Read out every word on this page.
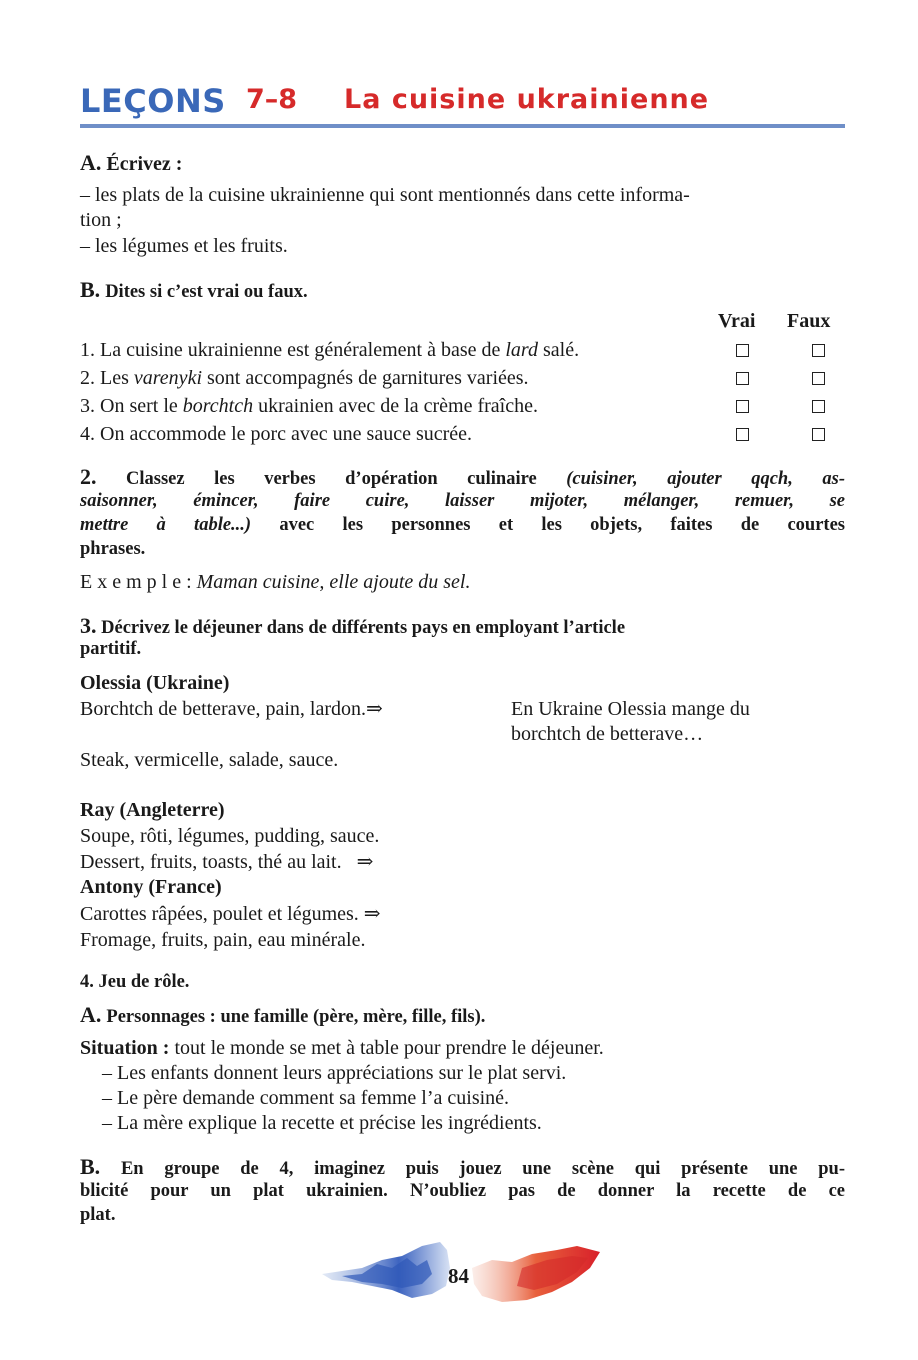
LEÇONS 7–8 La cuisine ukrainienne
A. Écrivez :
– les plats de la cuisine ukrainienne qui sont mentionnés dans cette informa-
tion ;
– les légumes et les fruits.
B. Dites si c’est vrai ou faux.
Vrai Faux
1. La cuisine ukrainienne est généralement à base de lard salé.
2. Les varenyki sont accompagnés de garnitures variées.
3. On sert le borchtch ukrainien avec de la crème fraîche.
4. On accommode le porc avec une sauce sucrée.
2. Classez les verbes d’opération culinaire (cuisiner, ajouter qqch, as-
saisonner, émincer, faire cuire, laisser mijoter, mélanger, remuer, se
mettre à table...) avec les personnes et les objets, faites de courtes
phrases.
E x e m p l e : Maman cuisine, elle ajoute du sel.
3. Décrivez le déjeuner dans de différents pays en employant l’article
partitif.
Olessia (Ukraine)
Borchtch de betterave, pain, lardon.⇒	En Ukraine Olessia mange du
borchtch de betterave…
Steak, vermicelle, salade, sauce.
Ray (Angleterre)
Soupe, rôti, légumes, pudding, sauce.
Dessert, fruits, toasts, thé au lait.   ⇒
Antony (France)
Carottes râpées, poulet et légumes. ⇒
Fromage, fruits, pain, eau minérale.
4. Jeu de rôle.
A. Personnages : une famille (père, mère, fille, fils).
Situation : tout le monde se met à table pour prendre le déjeuner.
– Les enfants donnent leurs appréciations sur le plat servi.
– Le père demande comment sa femme l’a cuisiné.
– La mère explique la recette et précise les ingrédients.
B. En groupe de 4, imaginez puis jouez une scène qui présente une pu-
blicité pour un plat ukrainien. N’oubliez pas de donner la recette de ce
plat.
84
